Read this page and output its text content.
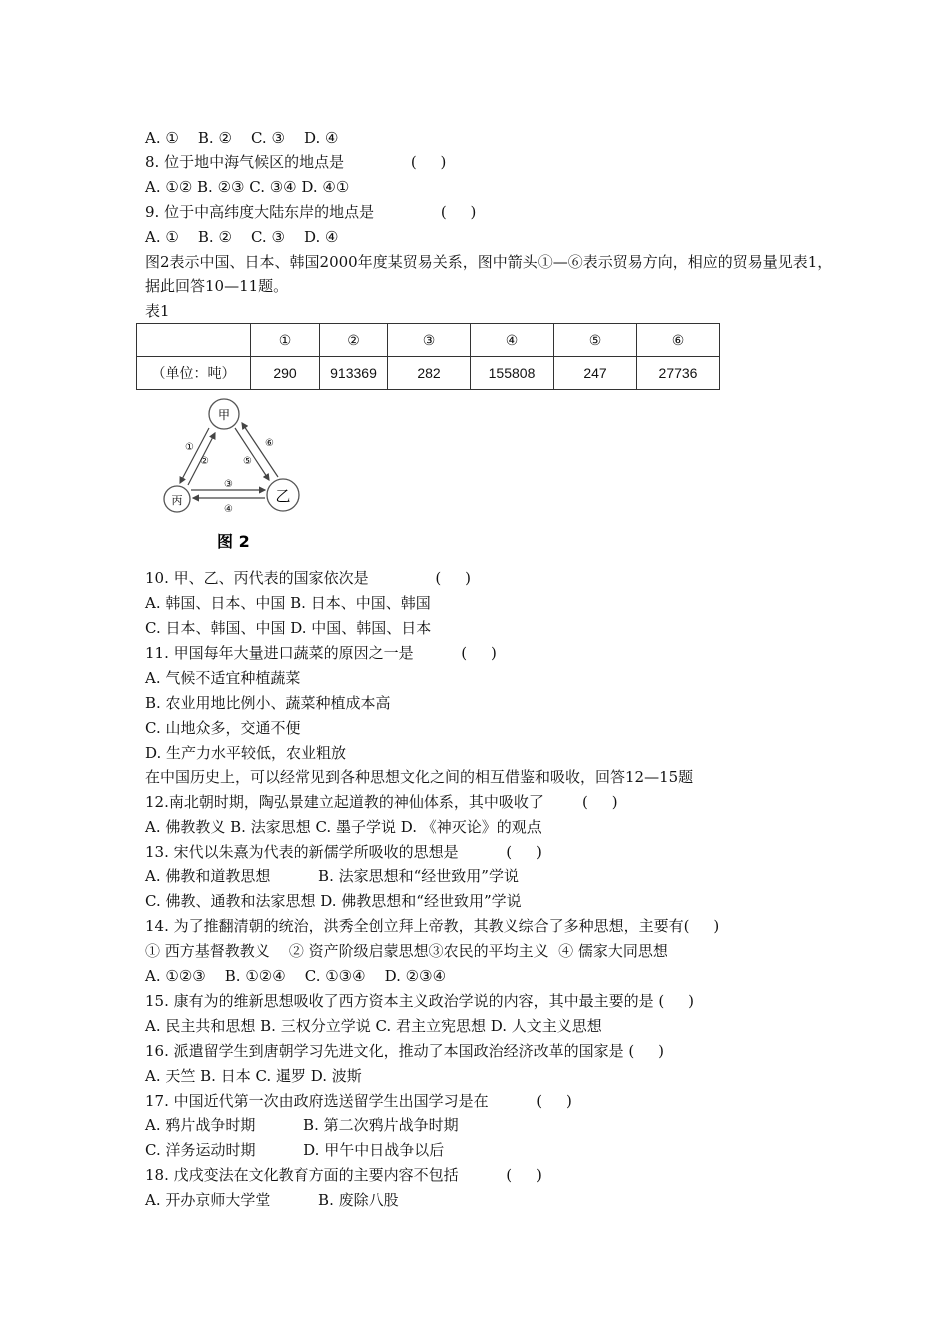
A. ①    B. ②    C. ③    D. ④
8. 位于地中海气候区的地点是              (     )
A. ①② B. ②③ C. ③④ D. ④①
9. 位于中高纬度大陆东岸的地点是              (     )
A. ①    B. ②    C. ③    D. ④
图2表示中国、日本、韩国2000年度某贸易关系，图中箭头①—⑥表示贸易方向，相应的贸易量见表1，据此回答10—11题。
表1
	①	②	③	④	⑤	⑥
（单位：吨）	290	913369	282	155808	247	27736
甲
丙	乙
①
②
③
④
⑤
⑥
图 2
10. 甲、乙、丙代表的国家依次是              (     )
A. 韩国、日本、中国 B. 日本、中国、韩国
C. 日本、韩国、中国 D. 中国、韩国、日本
11. 甲国每年大量进口蔬菜的原因之一是          (     )
A. 气候不适宜种植蔬菜
B. 农业用地比例小、蔬菜种植成本高
C. 山地众多，交通不便
D. 生产力水平较低，农业粗放
在中国历史上，可以经常见到各种思想文化之间的相互借鉴和吸收，回答12—15题
12.南北朝时期，陶弘景建立起道教的神仙体系，其中吸收了        (     )
A. 佛教教义 B. 法家思想 C. 墨子学说 D. 《神灭论》的观点
13. 宋代以朱熹为代表的新儒学所吸收的思想是          (     )
A. 佛教和道教思想          B. 法家思想和“经世致用”学说
C. 佛教、通教和法家思想 D. 佛教思想和“经世致用”学说
14. 为了推翻清朝的统治，洪秀全创立拜上帝教，其教义综合了多种思想，主要有(     )
① 西方基督教教义    ② 资产阶级启蒙思想③农民的平均主义  ④ 儒家大同思想
A. ①②③    B. ①②④    C. ①③④    D. ②③④
15. 康有为的维新思想吸收了西方资本主义政治学说的内容，其中最主要的是 (     )
A. 民主共和思想 B. 三权分立学说 C. 君主立宪思想 D. 人文主义思想
16. 派遣留学生到唐朝学习先进文化，推动了本国政治经济改革的国家是 (     )
A. 天竺 B. 日本 C. 暹罗 D. 波斯
17. 中国近代第一次由政府选送留学生出国学习是在          (     )
A. 鸦片战争时期          B. 第二次鸦片战争时期
C. 洋务运动时期          D. 甲午中日战争以后
18. 戊戌变法在文化教育方面的主要内容不包括          (     )
A. 开办京师大学堂          B. 废除八股
